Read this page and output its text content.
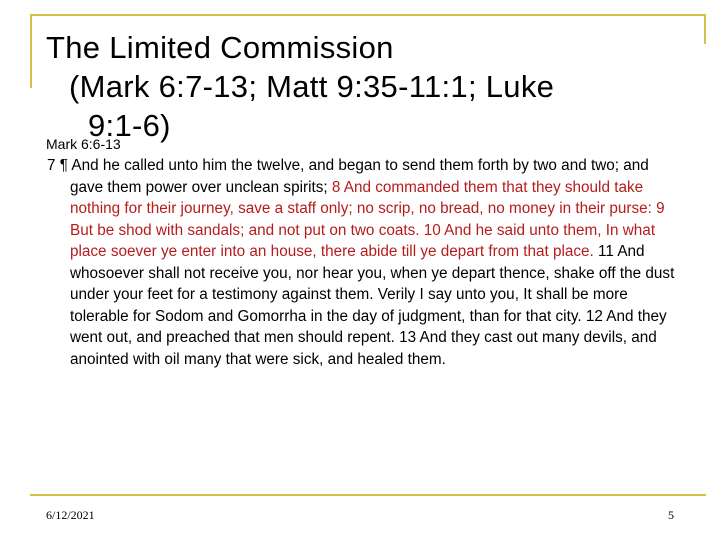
The Limited Commission
(Mark 6:7-13; Matt 9:35-11:1; Luke
9:1-6)
Mark 6:6-13
7 ¶ And he called unto him the twelve, and began to send them forth by two and two; and gave them power over unclean spirits; 8 And commanded them that they should take nothing for their journey, save a staff only; no scrip, no bread, no money in their purse: 9 But be shod with sandals; and not put on two coats. 10 And he said unto them, In what place soever ye enter into an house, there abide till ye depart from that place. 11 And whosoever shall not receive you, nor hear you, when ye depart thence, shake off the dust under your feet for a testimony against them. Verily I say unto you, It shall be more tolerable for Sodom and Gomorrha in the day of judgment, than for that city. 12 And they went out, and preached that men should repent. 13 And they cast out many devils, and anointed with oil many that were sick, and healed them.
6/12/2021	5
